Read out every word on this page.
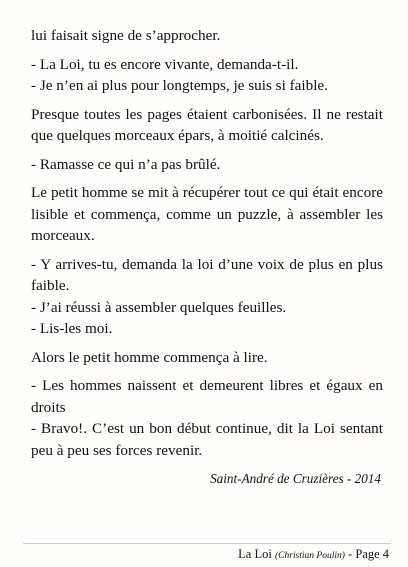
lui faisait signe de s’approcher.

- La Loi, tu es encore vivante, demanda-t-il.

- Je n’en ai plus pour longtemps, je suis si faible.

Presque toutes les pages étaient carbonisées. Il ne restait que quelques morceaux épars, à moitié calcinés.

- Ramasse ce qui n’a pas brûlé.

Le petit homme se mit à récupérer tout ce qui était encore lisible et commença, comme un puzzle, à assembler les morceaux.

- Y arrives-tu, demanda la loi d’une voix de plus en plus faible.

- J’ai réussi à assembler quelques feuilles.

- Lis-les moi.

Alors le petit homme commença à lire.

- Les hommes naissent et demeurent libres et égaux en droits

- Bravo!. C’est un bon début continue, dit la Loi sentant peu à peu ses forces revenir.

Saint-André de Cruzières - 2014
La Loi (Christian Poulin) - Page 4
